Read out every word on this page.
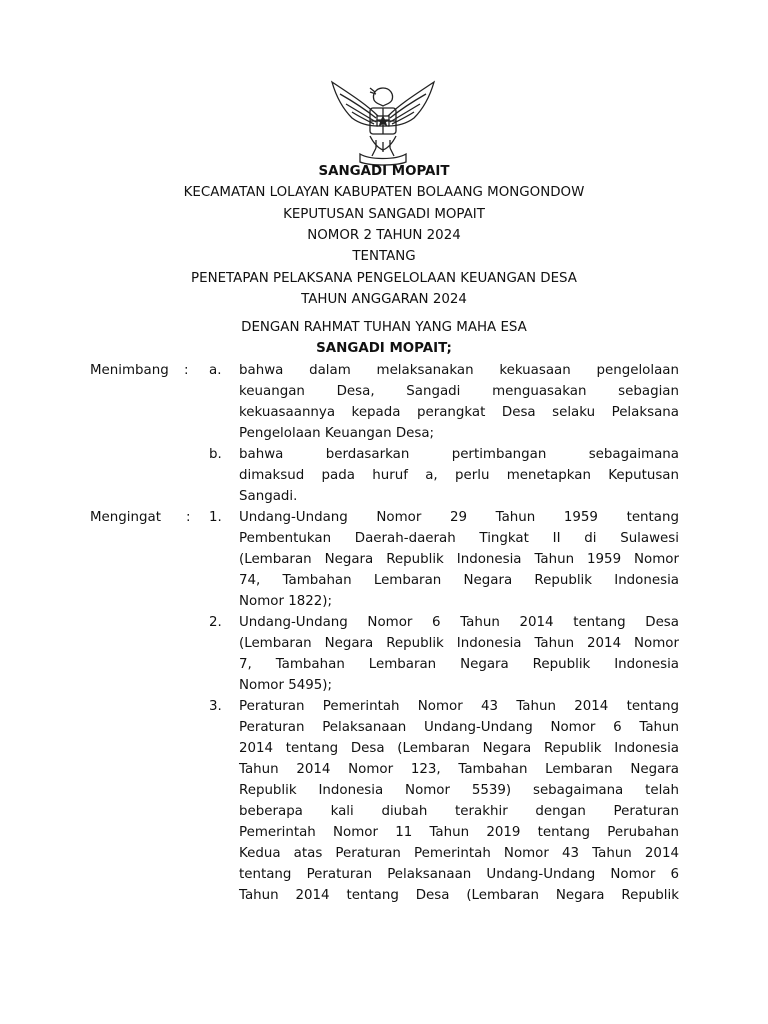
SANGADI MOPAIT
KECAMATAN LOLAYAN KABUPATEN BOLAANG MONGONDOW
KEPUTUSAN SANGADI MOPAIT
NOMOR 2 TAHUN 2024
TENTANG
PENETAPAN PELAKSANA PENGELOLAAN KEUANGAN DESA
TAHUN ANGGARAN 2024
DENGAN RAHMAT TUHAN YANG MAHA ESA
SANGADI MOPAIT;
Menimbang : a. bahwa dalam melaksanakan kekuasaan pengelolaan
keuangan Desa, Sangadi menguasakan sebagian
kekuasaannya kepada perangkat Desa selaku Pelaksana
Pengelolaan Keuangan Desa;
b. bahwa berdasarkan pertimbangan sebagaimana
dimaksud pada huruf a, perlu menetapkan Keputusan
Sangadi.
Mengingat : 1. Undang-Undang Nomor 29 Tahun 1959 tentang
Pembentukan Daerah-daerah Tingkat II di Sulawesi
(Lembaran Negara Republik Indonesia Tahun 1959 Nomor
74, Tambahan Lembaran Negara Republik Indonesia
Nomor 1822);
2. Undang-Undang Nomor 6 Tahun 2014 tentang Desa
(Lembaran Negara Republik Indonesia Tahun 2014 Nomor
7, Tambahan Lembaran Negara Republik Indonesia
Nomor 5495);
3. Peraturan Pemerintah Nomor 43 Tahun 2014 tentang
Peraturan Pelaksanaan Undang-Undang Nomor 6 Tahun
2014 tentang Desa (Lembaran Negara Republik Indonesia
Tahun 2014 Nomor 123, Tambahan Lembaran Negara
Republik Indonesia Nomor 5539) sebagaimana telah
beberapa kali diubah terakhir dengan Peraturan
Pemerintah Nomor 11 Tahun 2019 tentang Perubahan
Kedua atas Peraturan Pemerintah Nomor 43 Tahun 2014
tentang Peraturan Pelaksanaan Undang-Undang Nomor 6
Tahun 2014 tentang Desa (Lembaran Negara Republik
